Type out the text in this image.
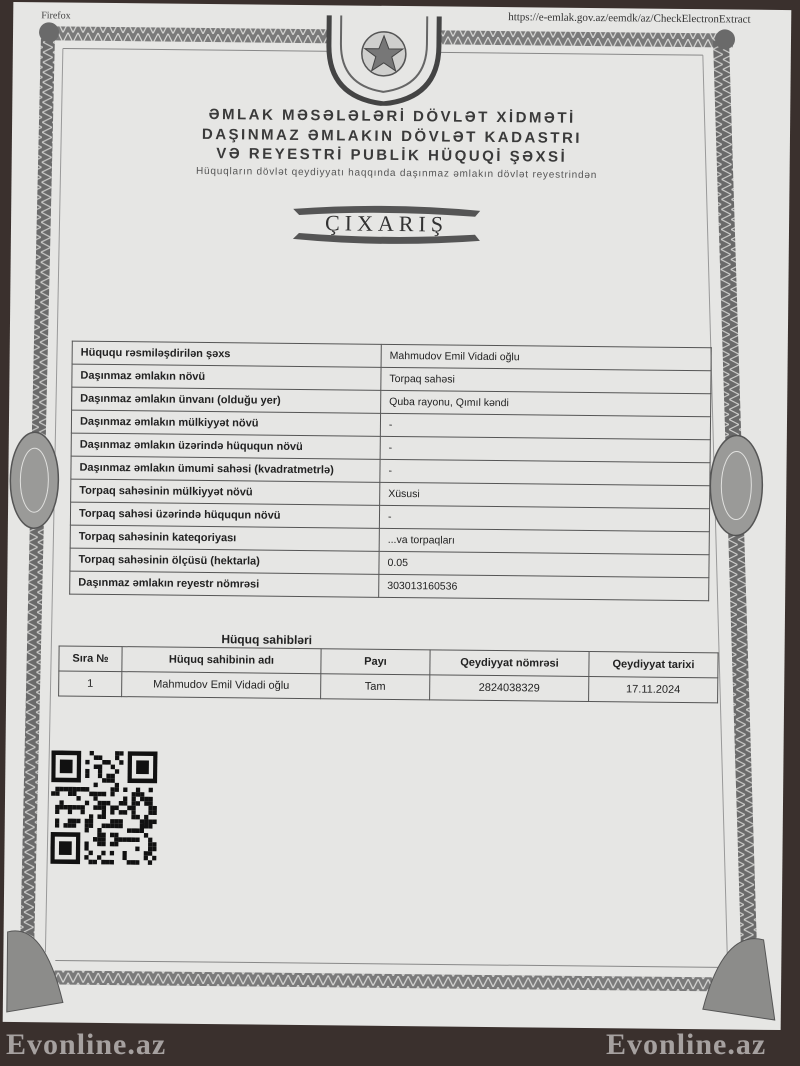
Firefox	https://e-emlak.gov.az/eemdk/az/CheckElectronExtract
ƏMLAK MƏSƏLƏLƏRİ DÖVLƏT XİDMƏTİ
DAŞINMAZ ƏMLAKIN DÖVLƏT KADASTRI
VƏ REYESTRİ PUBLİK HÜQUQİ ŞƏXSİ
Hüquqların dövlət qeydiyyatı haqqında daşınmaz əmlakın dövlət reyestrindən
ÇIXARIŞ
Hüququ rəsmiləşdirilən şəxs	Mahmudov Emil Vidadi oğlu
Daşınmaz əmlakın növü	Torpaq sahəsi
Daşınmaz əmlakın ünvanı (olduğu yer)	Quba rayonu, Qımıl kəndi
Daşınmaz əmlakın mülkiyyət növü	-
Daşınmaz əmlakın üzərində hüququn növü	-
Daşınmaz əmlakın ümumi sahəsi (kvadratmetrlə)	-
Torpaq sahəsinin mülkiyyət növü	Xüsusi
Torpaq sahəsi üzərində hüququn növü	-
Torpaq sahəsinin kateqoriyası	...va torpaqları
Torpaq sahəsinin ölçüsü (hektarla)	0.05
Daşınmaz əmlakın reyestr nömrəsi	303013160536
Hüquq sahibləri
Sıra №	Hüquq sahibinin adı	Payı	Qeydiyyat nömrəsi	Qeydiyyat tarixi
1	Mahmudov Emil Vidadi oğlu	Tam	2824038329	17.11.2024
Evonline.az	Evonline.az
